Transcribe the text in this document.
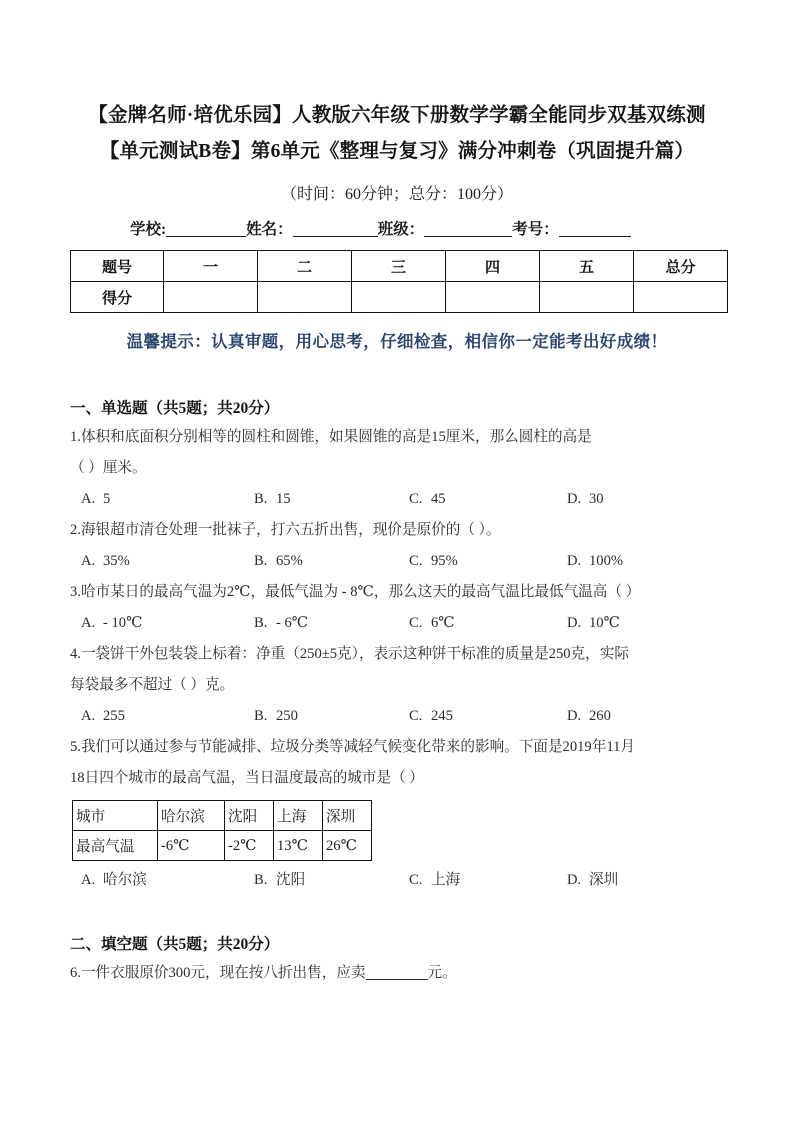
【金牌名师·培优乐园】人教版六年级下册数学学霸全能同步双基双练测
【单元测试B卷】第6单元《整理与复习》满分冲刺卷（巩固提升篇）
（时间：60分钟；总分：100分）
学校:	姓名：	班级：	考号：
题号	一	二	三	四	五	总分
得分						
温馨提示：认真审题，用心思考，仔细检查，相信你一定能考出好成绩！
一、单选题（共5题；共20分）

1.体积和底面积分别相等的圆柱和圆锥，如果圆锥的高是15厘米，那么圆柱的高是

（ ）厘米。

A. 5	B. 15	C. 45	D. 30

2.海银超市清仓处理一批袜子，打六五折出售，现价是原价的（ ）。

A. 35%	B. 65%	C. 95%	D. 100%

3.哈市某日的最高气温为2℃，最低气温为 - 8℃，那么这天的最高气温比最低气温高（ ）

A. - 10℃	B. - 6℃	C. 6℃	D. 10℃

4.一袋饼干外包装袋上标着：净重（250±5克），表示这种饼干标准的质量是250克，实际

每袋最多不超过（ ）克。

A. 255	B. 250	C. 245	D. 260

5.我们可以通过参与节能减排、垃圾分类等减轻气候变化带来的影响。下面是2019年11月

18日四个城市的最高气温，当日温度最高的城市是（ ）

城市	哈尔滨	沈阳	上海	深圳
最高气温	-6℃	-2℃	13℃	26℃
A. 哈尔滨	B. 沈阳	C. 上海	D. 深圳
二、填空题（共5题；共20分）

6.一件衣服原价300元，现在按八折出售，应卖	元。
